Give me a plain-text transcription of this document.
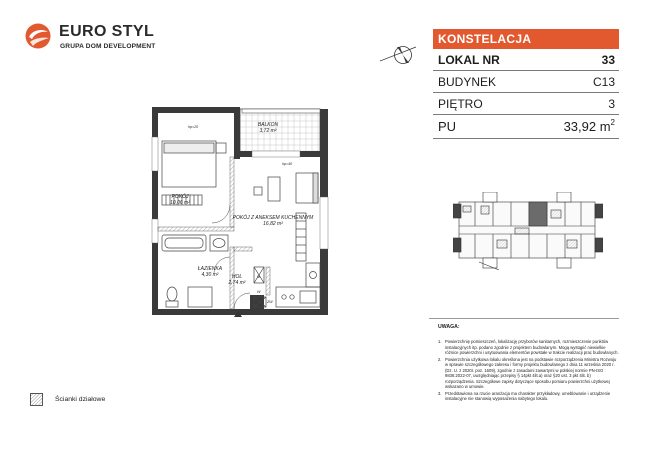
EURO STYL
GRUPA DOM DEVELOPMENT
KONSTELACJA
LOKAL NR	33
BUDYNEK	C13
PIĘTRO	3
PU	33,92 $m^2$
BALKON
3,72 m²
POKÓJ
10,06 m²
POKÓJ Z ANEKSEM KUCHENNYM
16,82 m²
ŁAZIENKA
4,30 m²	HOL
2,74 m²
hp=20
hp=40
M
W
ZW
UWAGA:
1. Powierzchnię pomieszczeń, lokalizację przyborów sanitarnych, rozmieszczenie punktów instalacyjnych itp. podano zgodnie z projektem budowlanym. Mogą wystąpić niewielkie różnice powierzchni i usytuowania elementów powstałe w trakcie realizacji prac budowlanych.
2. Powierzchnia użytkowa lokalu określona jest na podstawie rozporządzenia Ministra Rozwoju w sprawie szczegółowego zakresu i formy projektu budowlanego z dnia 11 września 2020 r. (Dz. U. z 2020r. poz. 1609), zgodnie z zasadami zawartymi w polskiej normie PN-ISO 9836:2022-07, uwzględniając przepisy § 14pkt 4lit.a) oraz §20 ust. 3 pkt 4lit. b) rozporządzenia. Szczegółowe zapisy dotyczące sposobu pomiaru powierzchni użytkowej wskazano w umowie.
3. Przedstawiona na rzucie aranżacja ma charakter przykładowy, umeblowanie i urządzenie instalacyjne nie stanowią wyposażenia nabytego lokalu.
Ścianki działowe
